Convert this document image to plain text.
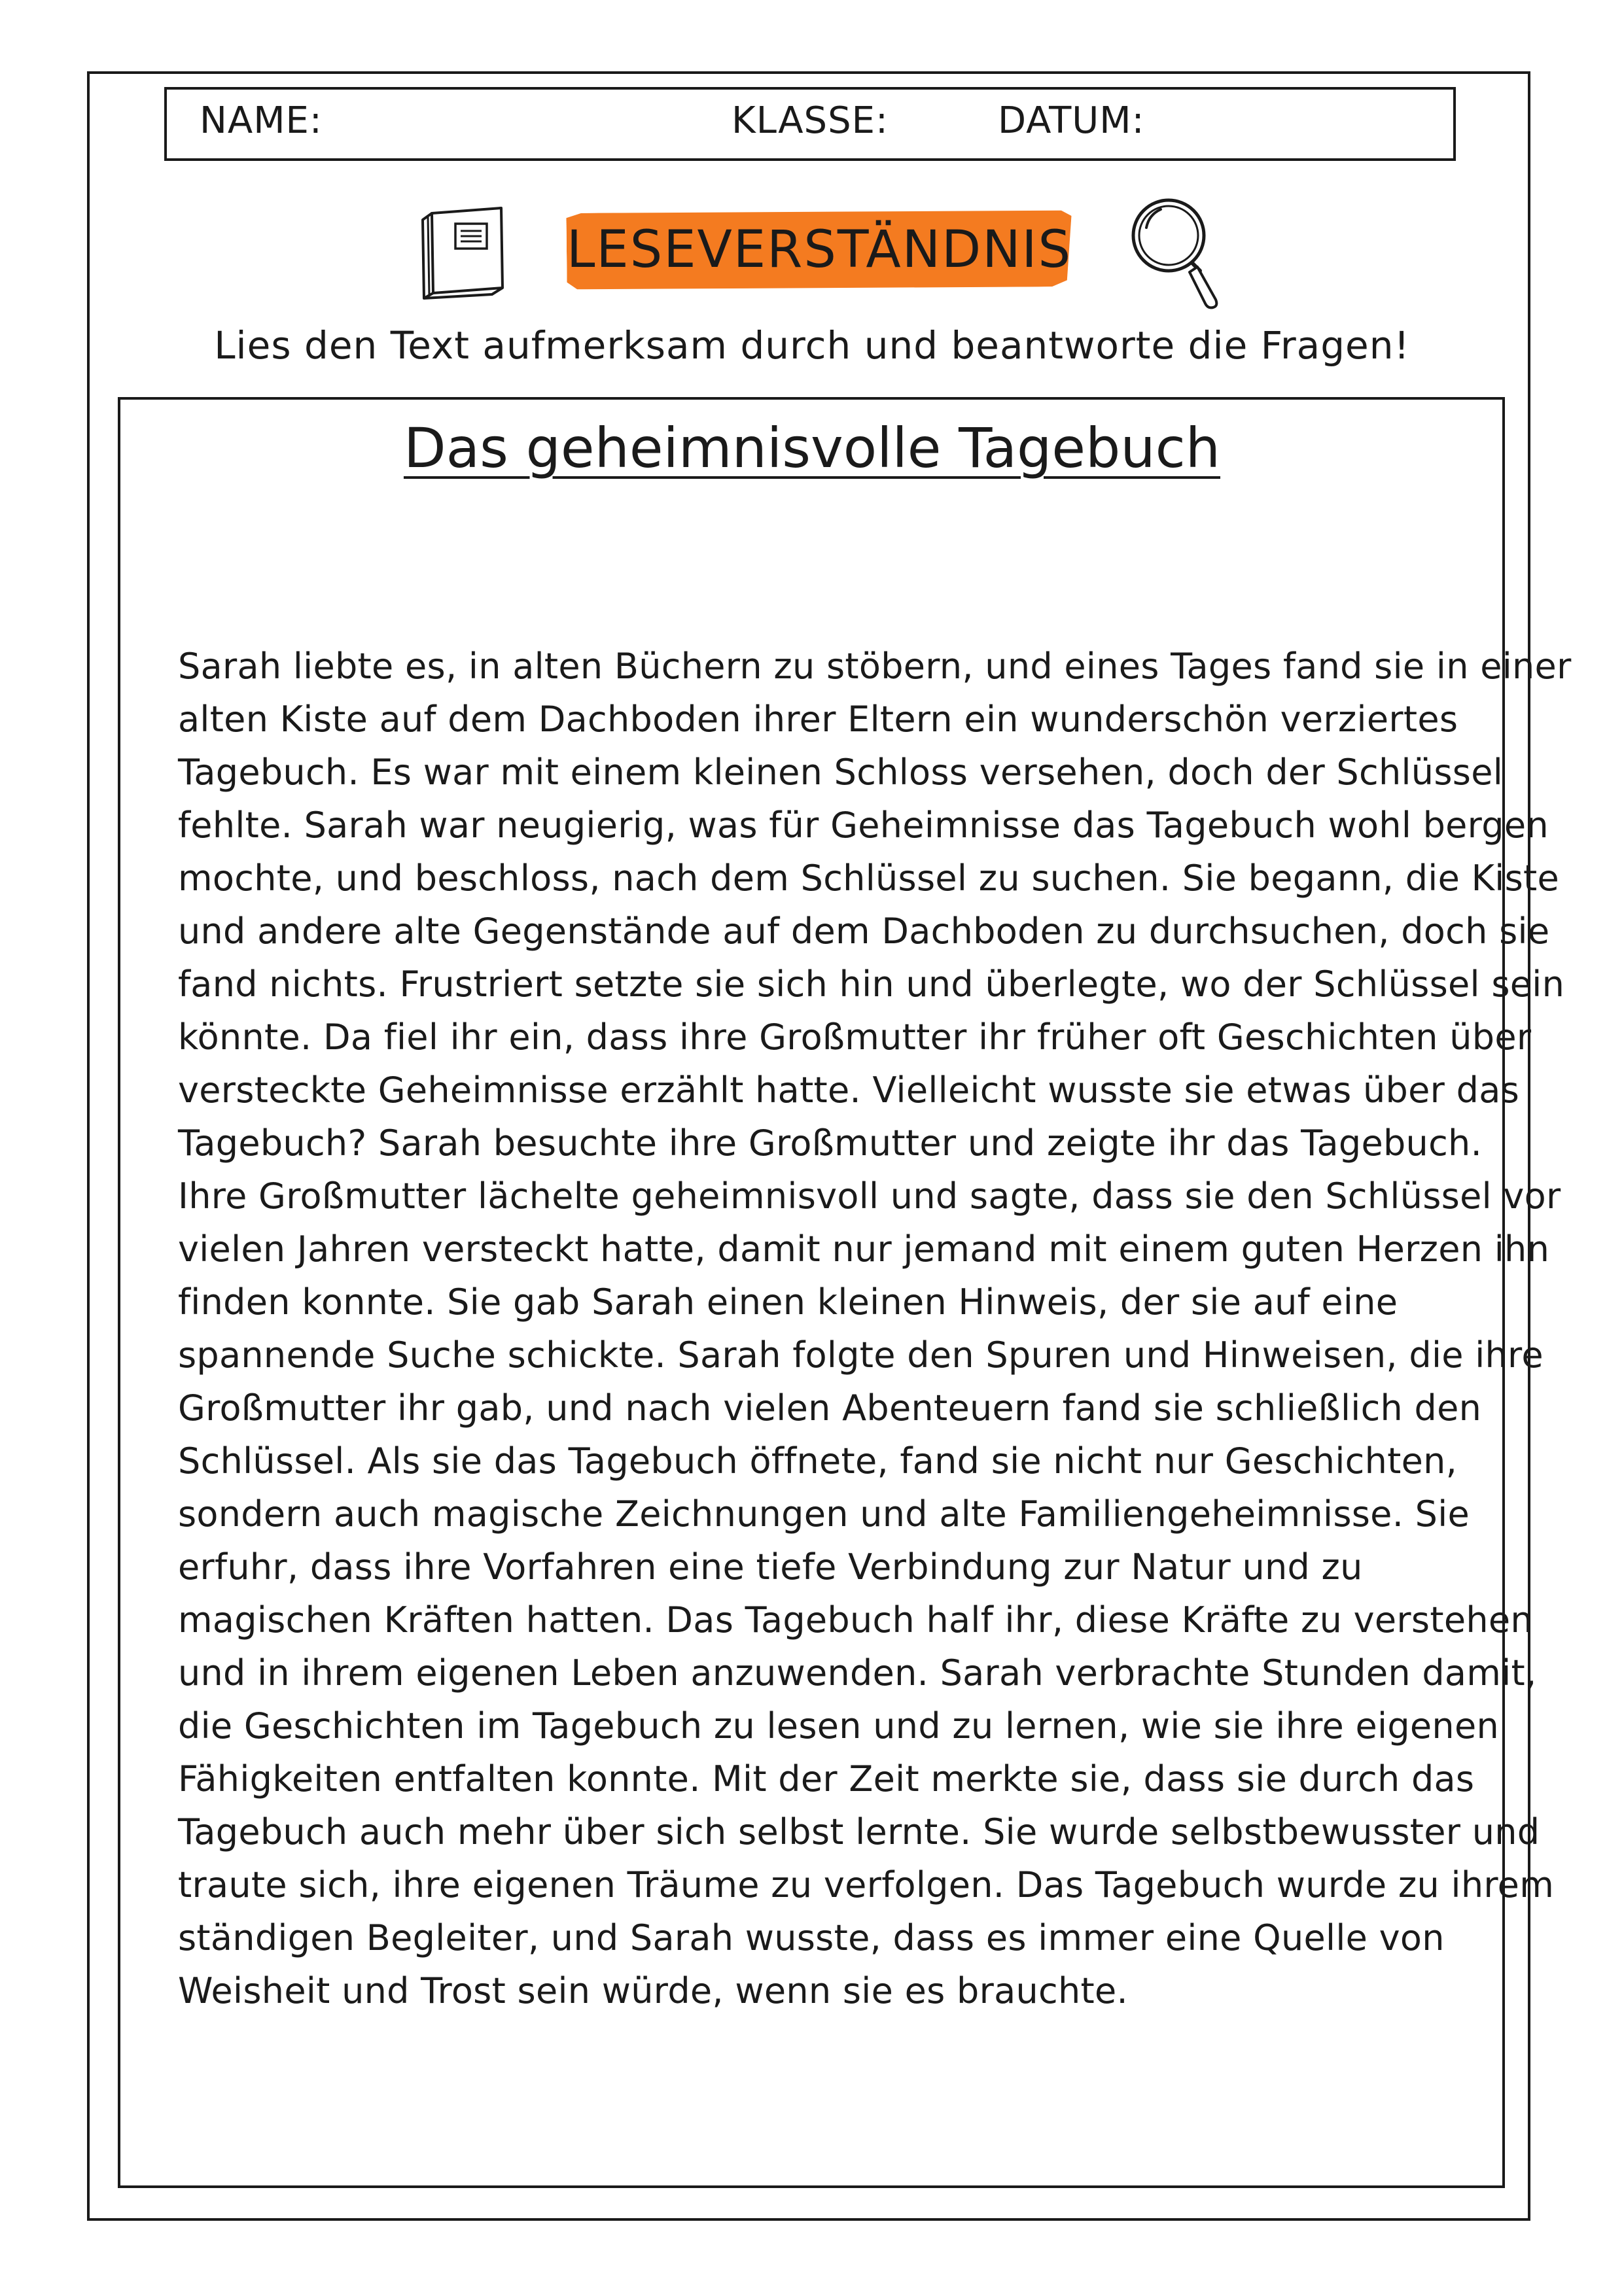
NAME:	KLASSE:	DATUM:
LESEVERSTÄNDNIS
Lies den Text aufmerksam durch und beantworte die Fragen!
Das geheimnisvolle Tagebuch
Sarah liebte es, in alten Büchern zu stöbern, und eines Tages fand sie in einer
alten Kiste auf dem Dachboden ihrer Eltern ein wunderschön verziertes
Tagebuch. Es war mit einem kleinen Schloss versehen, doch der Schlüssel
fehlte. Sarah war neugierig, was für Geheimnisse das Tagebuch wohl bergen
mochte, und beschloss, nach dem Schlüssel zu suchen. Sie begann, die Kiste
und andere alte Gegenstände auf dem Dachboden zu durchsuchen, doch sie
fand nichts. Frustriert setzte sie sich hin und überlegte, wo der Schlüssel sein
könnte. Da fiel ihr ein, dass ihre Großmutter ihr früher oft Geschichten über
versteckte Geheimnisse erzählt hatte. Vielleicht wusste sie etwas über das
Tagebuch? Sarah besuchte ihre Großmutter und zeigte ihr das Tagebuch.
Ihre Großmutter lächelte geheimnisvoll und sagte, dass sie den Schlüssel vor
vielen Jahren versteckt hatte, damit nur jemand mit einem guten Herzen ihn
finden konnte. Sie gab Sarah einen kleinen Hinweis, der sie auf eine
spannende Suche schickte. Sarah folgte den Spuren und Hinweisen, die ihre
Großmutter ihr gab, und nach vielen Abenteuern fand sie schließlich den
Schlüssel. Als sie das Tagebuch öffnete, fand sie nicht nur Geschichten,
sondern auch magische Zeichnungen und alte Familiengeheimnisse. Sie
erfuhr, dass ihre Vorfahren eine tiefe Verbindung zur Natur und zu
magischen Kräften hatten. Das Tagebuch half ihr, diese Kräfte zu verstehen
und in ihrem eigenen Leben anzuwenden. Sarah verbrachte Stunden damit,
die Geschichten im Tagebuch zu lesen und zu lernen, wie sie ihre eigenen
Fähigkeiten entfalten konnte. Mit der Zeit merkte sie, dass sie durch das
Tagebuch auch mehr über sich selbst lernte. Sie wurde selbstbewusster und
traute sich, ihre eigenen Träume zu verfolgen. Das Tagebuch wurde zu ihrem
ständigen Begleiter, und Sarah wusste, dass es immer eine Quelle von
Weisheit und Trost sein würde, wenn sie es brauchte.
